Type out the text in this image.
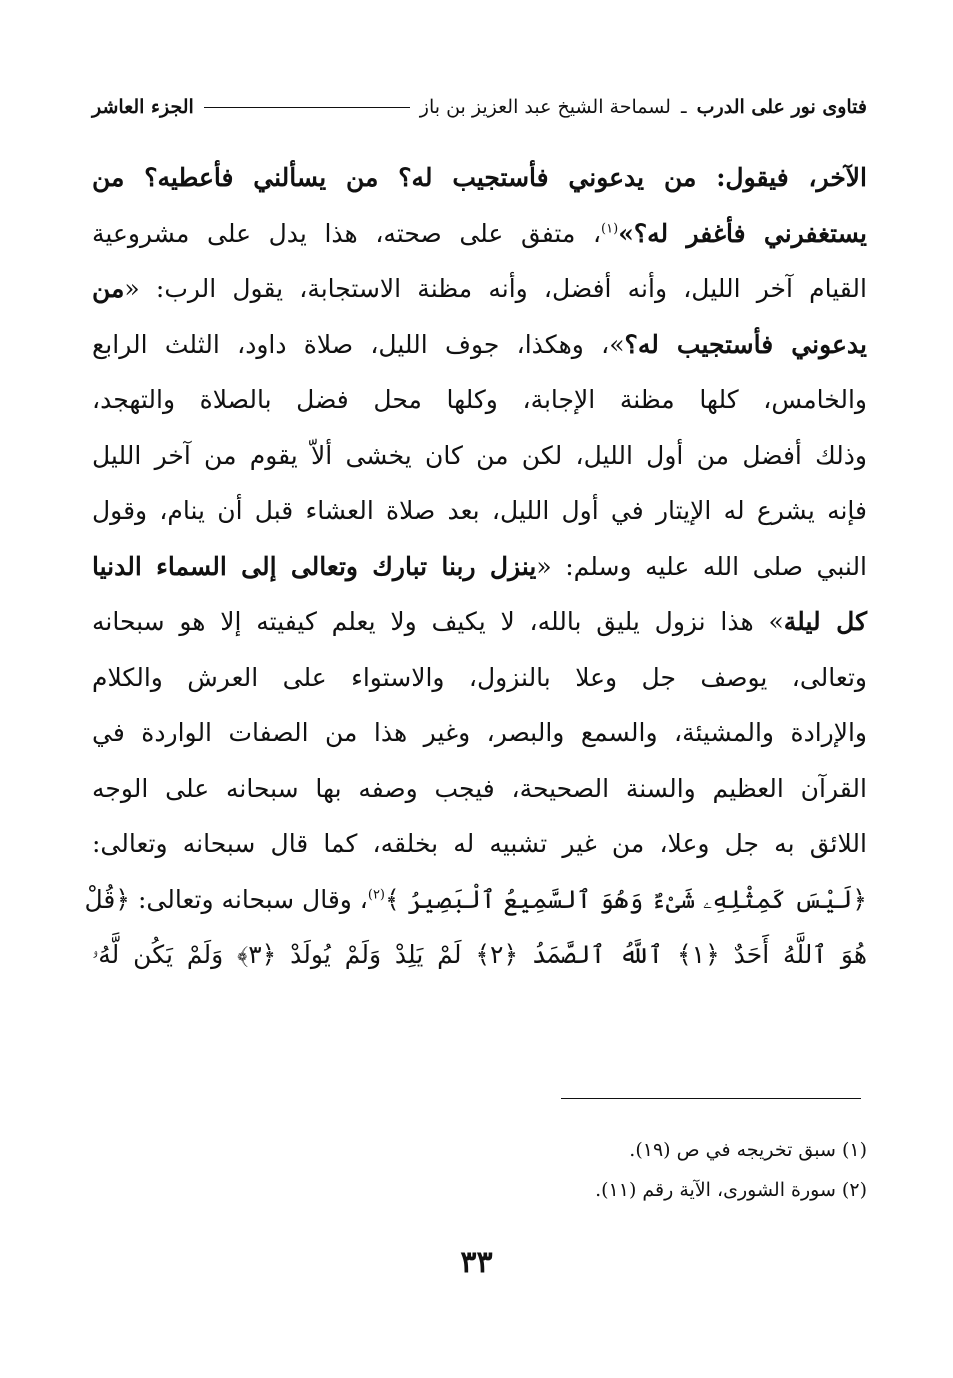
فتاوى نور على الدرب ـ لسماحة الشيخ عبد العزيز بن باز
الجزء العاشر
الآخر، فيقول: من يدعوني فأستجيب له؟ من يسألني فأعطيه؟ من
يستغفرني فأغفر له؟»$^{(١)}$، متفق على صحته، هذا يدل على مشروعية
القيام آخر الليل، وأنه أفضل، وأنه مظنة الاستجابة، يقول الرب: «من
يدعوني فأستجيب له؟»، وهكذا، جوف الليل، صلاة داود، الثلث الرابع
والخامس، كلها مظنة الإجابة، وكلها محل فضل بالصلاة والتهجد،
وذلك أفضل من أول الليل، لكن من كان يخشى ألاّ يقوم من آخر الليل
فإنه يشرع له الإيتار في أول الليل، بعد صلاة العشاء قبل أن ينام، وقول
النبي صلى الله عليه وسلم: «ينزل ربنا تبارك وتعالى إلى السماء الدنيا
كل ليلة» هذا نزول يليق بالله، لا يكيف ولا يعلم كيفيته إلا هو سبحانه
وتعالى، يوصف جل وعلا بالنزول، والاستواء على العرش والكلام
والإرادة والمشيئة، والسمع والبصر، وغير هذا من الصفات الواردة في
القرآن العظيم والسنة الصحيحة، فيجب وصفه بها سبحانه على الوجه
اللائق به جل وعلا، من غير تشبيه له بخلقه، كما قال سبحانه وتعالى:
﴿لَيْسَ كَمِثْلِهِۦ شَىْءٌ وَهُوَ ٱلسَّمِيعُ ٱلْبَصِيرُ ﴾$^{(٢)}$، وقال سبحانه وتعالى: ﴿قُلْ
هُوَ ٱللَّهُ أَحَدٌ ﴿١﴾ ٱللَّهُ ٱلصَّمَدُ ﴿٢﴾ لَمْ يَلِدْ وَلَمْ يُولَدْ ﴿٣﴾ وَلَمْ يَكُن لَّهُۥ
(١) سبق تخريجه في ص (١٩).
(٢) سورة الشورى، الآية رقم (١١).
٣٣
